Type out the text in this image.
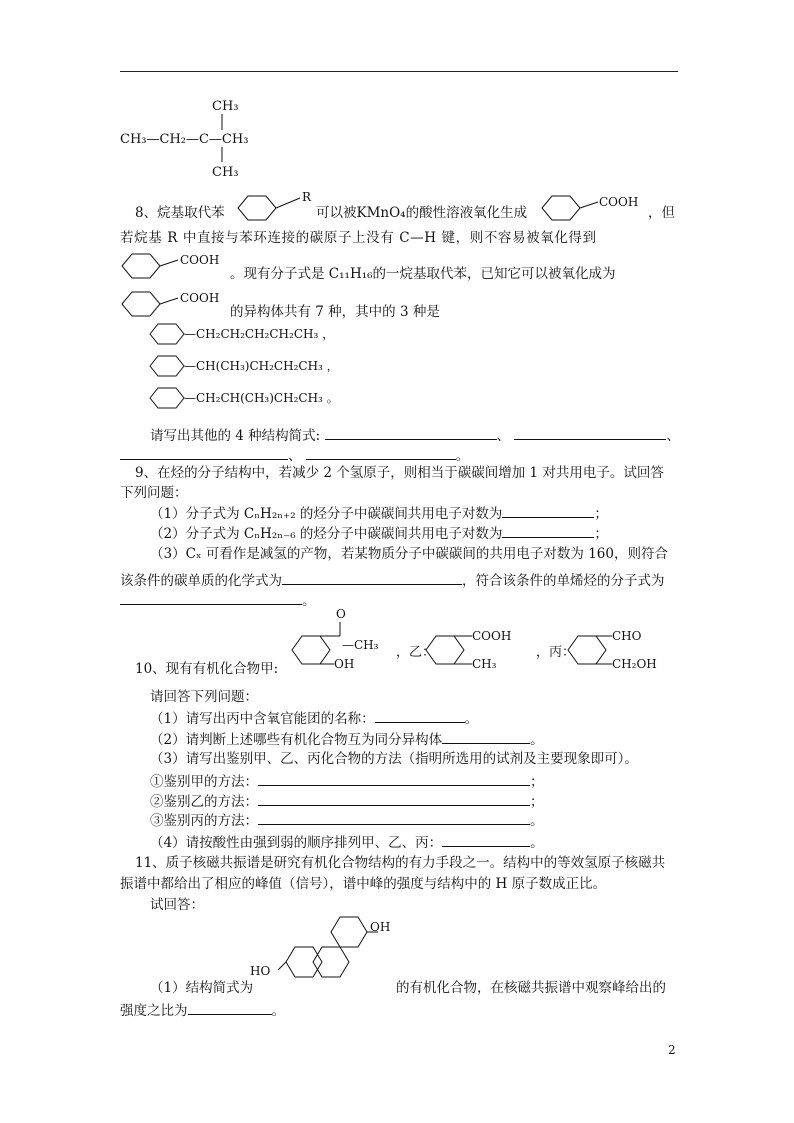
CH₃
CH₃—CH₂—C—CH₃
CH₃
8、烷基取代苯
R
可以被KMnO₄的酸性溶液氧化生成
COOH
，但
若烷基 R 中直接与苯环连接的碳原子上没有 C—H 键，则不容易被氧化得到
COOH
。现有分子式是 C₁₁H₁₆的一烷基取代苯，已知它可以被氧化成为
COOH
的异构体共有 7 种，其中的 3 种是
—CH₂CH₂CH₂CH₂CH₃ ，
—CH(CH₃)CH₂CH₂CH₃ ，
—CH₂CH(CH₃)CH₂CH₃ 。
请写出其他的 4 种结构简式:	、	、
、	。
9、在烃的分子结构中，若减少 2 个氢原子，则相当于碳碳间增加 1 对共用电子。试回答
下列问题：
（1）分子式为 CₙH₂ₙ₊₂ 的烃分子中碳碳间共用电子对数为	；
（2）分子式为 CₙH₂ₙ₋₆ 的烃分子中碳碳间共用电子对数为	；
（3）Cₓ 可看作是减氢的产物，若某物质分子中碳碳间的共用电子对数为 160，则符合
该条件的碳单质的化学式为	，符合该条件的单烯烃的分子式为
。
10、现有有机化合物甲:
O
—CH₃
OH
，乙：
COOH
CH₃
，丙：
CHO
CH₂OH
请回答下列问题：
（1）请写出丙中含氧官能团的名称：	。
（2）请判断上述哪些有机化合物互为同分异构体	。
（3）请写出鉴别甲、乙、丙化合物的方法（指明所选用的试剂及主要现象即可）。
①鉴别甲的方法：	；
②鉴别乙的方法：	；
③鉴别丙的方法：	。
（4）请按酸性由强到弱的顺序排列甲、乙、丙：	。
11、质子核磁共振谱是研究有机化合物结构的有力手段之一。结构中的等效氢原子核磁共
振谱中都给出了相应的峰值（信号），谱中峰的强度与结构中的 H 原子数成正比。
试回答：
OH
HO
（1）结构简式为	的有机化合物，在核磁共振谱中观察峰给出的
强度之比为	。
2
